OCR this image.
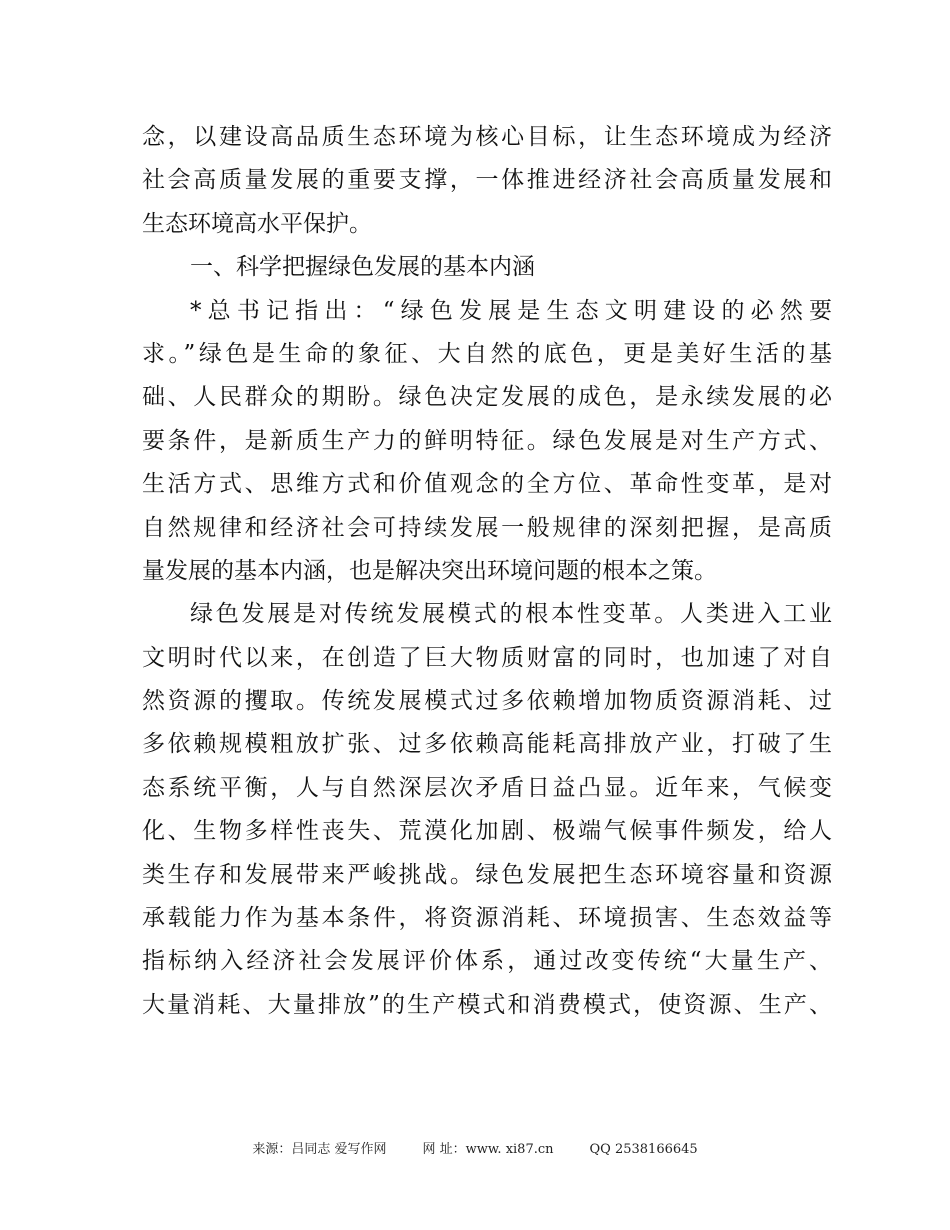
念，以建设高品质生态环境为核心目标，让生态环境成为经济
社会高质量发展的重要支撑，一体推进经济社会高质量发展和
生态环境高水平保护。
一、科学把握绿色发展的基本内涵
*总书记指出：“绿色发展是生态文明建设的必然要
求。”绿色是生命的象征、大自然的底色，更是美好生活的基
础、人民群众的期盼。绿色决定发展的成色，是永续发展的必
要条件，是新质生产力的鲜明特征。绿色发展是对生产方式、
生活方式、思维方式和价值观念的全方位、革命性变革，是对
自然规律和经济社会可持续发展一般规律的深刻把握，是高质
量发展的基本内涵，也是解决突出环境问题的根本之策。
绿色发展是对传统发展模式的根本性变革。人类进入工业
文明时代以来，在创造了巨大物质财富的同时，也加速了对自
然资源的攫取。传统发展模式过多依赖增加物质资源消耗、过
多依赖规模粗放扩张、过多依赖高能耗高排放产业，打破了生
态系统平衡，人与自然深层次矛盾日益凸显。近年来，气候变
化、生物多样性丧失、荒漠化加剧、极端气候事件频发，给人
类生存和发展带来严峻挑战。绿色发展把生态环境容量和资源
承载能力作为基本条件，将资源消耗、环境损害、生态效益等
指标纳入经济社会发展评价体系，通过改变传统“大量生产、
大量消耗、大量排放”的生产模式和消费模式，使资源、生产、
来源：吕同志 爱写作网	网 址：www. xi87.cn	QQ 2538166645
